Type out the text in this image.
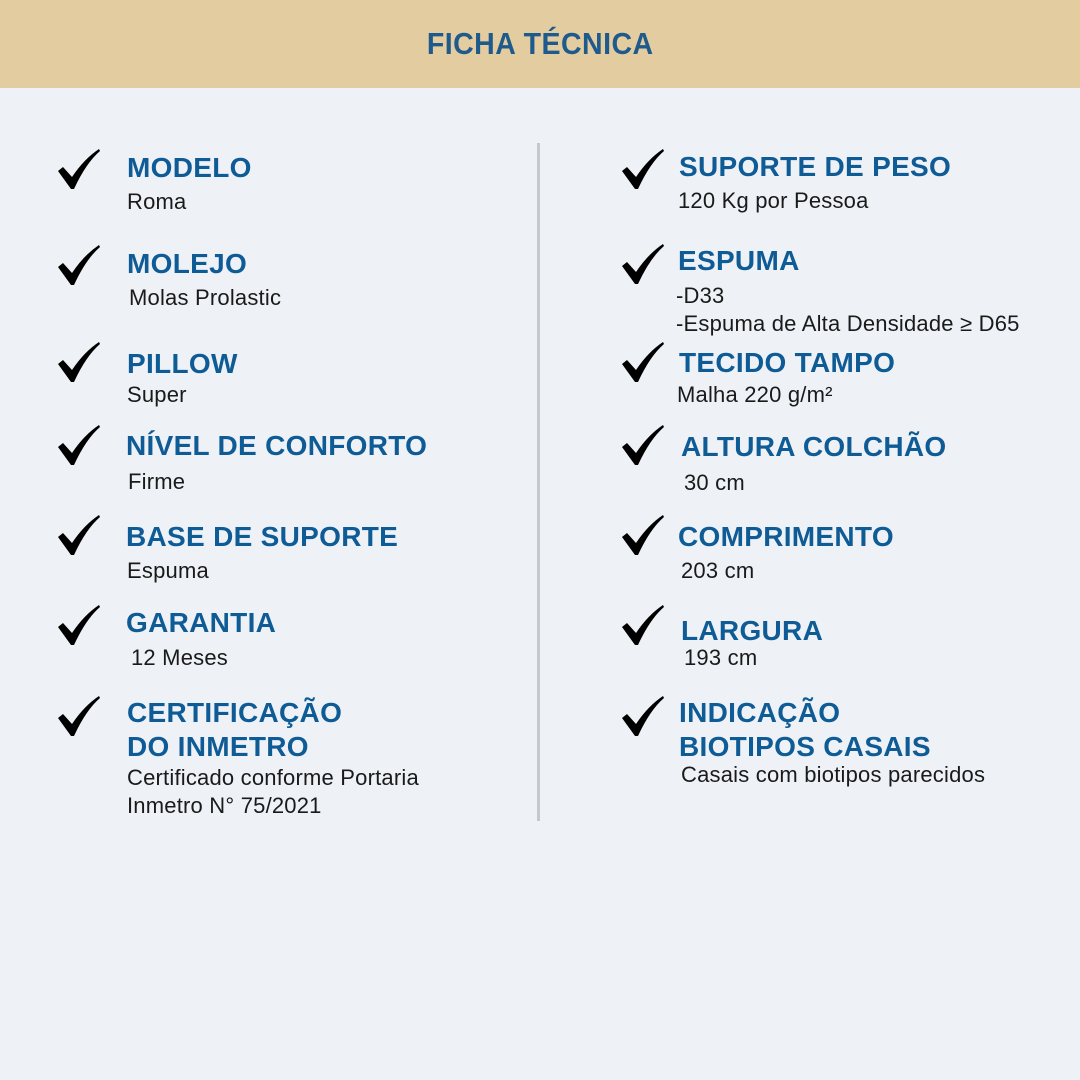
FICHA TÉCNICA
MODELO
Roma
MOLEJO
Molas Prolastic
PILLOW
Super
NÍVEL DE CONFORTO
Firme
BASE DE SUPORTE
Espuma
GARANTIA
12 Meses
CERTIFICAÇÃO
DO INMETRO
Certificado conforme Portaria
Inmetro N° 75/2021
SUPORTE DE PESO
120 Kg por Pessoa
ESPUMA
-D33
-Espuma de Alta Densidade ≥ D65
TECIDO TAMPO
Malha 220 g/m²
ALTURA COLCHÃO
30 cm
COMPRIMENTO
203 cm
LARGURA
193 cm
INDICAÇÃO
BIOTIPOS CASAIS
Casais com biotipos parecidos
